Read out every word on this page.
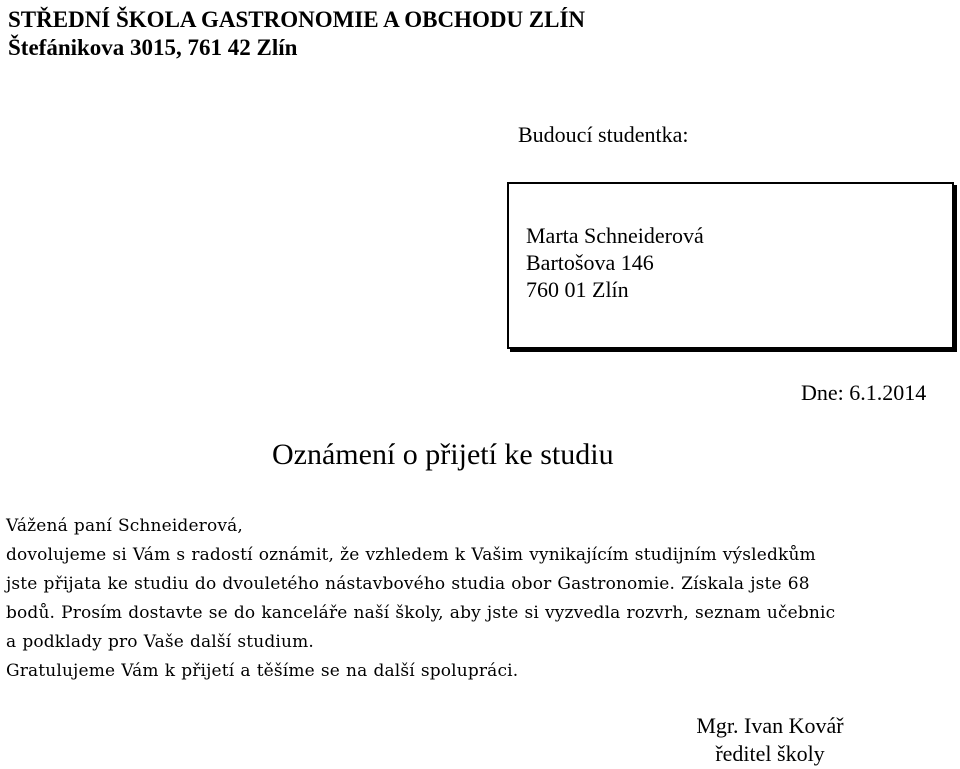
STŘEDNÍ ŠKOLA GASTRONOMIE A OBCHODU ZLÍN
Štefánikova 3015, 761 42 Zlín
Budoucí studentka:
Marta Schneiderová
Bartošova 146
760 01 Zlín
Dne: 6.1.2014
Oznámení o přijetí ke studiu
Vážená paní Schneiderová,
dovolujeme si Vám s radostí oznámit, že vzhledem k Vašim vynikajícím studijním výsledkům
jste přijata ke studiu do dvouletého nástavbového studia obor Gastronomie. Získala jste 68
bodů. Prosím dostavte se do kanceláře naší školy, aby jste si vyzvedla rozvrh, seznam učebnic
a podklady pro Vaše další studium.
Gratulujeme Vám k přijetí a těšíme se na další spolupráci.
Mgr. Ivan Kovář
ředitel školy
